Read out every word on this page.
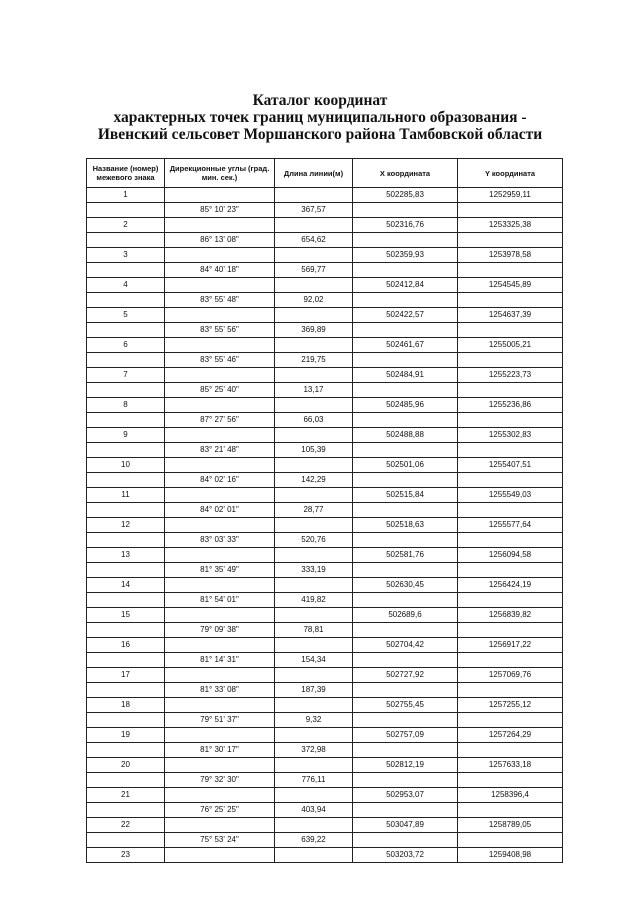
Каталог координат
характерных точек границ муниципального образования -
Ивенский сельсовет Моршанского района Тамбовской области
Название (номер) межевого знака	Дирекционные углы (град. мин. сек.)	Длина линии(м)	X координата	Y координата
1			502285,83	1252959,11
	85° 10' 23"	367,57		
2			502316,76	1253325,38
	86° 13' 08"	654,62		
3			502359,93	1253978,58
	84° 40' 18"	569,77		
4			502412,84	1254545,89
	83° 55' 48"	92,02		
5			502422,57	1254637,39
	83° 55' 56"	369,89		
6			502461,67	1255005,21
	83° 55' 46"	219,75		
7			502484,91	1255223,73
	85° 25' 40"	13,17		
8			502485,96	1255236,86
	87° 27' 56"	66,03		
9			502488,88	1255302,83
	83° 21' 48"	105,39		
10			502501,06	1255407,51
	84° 02' 16"	142,29		
11			502515,84	1255549,03
	84° 02' 01"	28,77		
12			502518,63	1255577,64
	83° 03' 33"	520,76		
13			502581,76	1256094,58
	81° 35' 49"	333,19		
14			502630,45	1256424,19
	81° 54' 01"	419,82		
15			502689,6	1256839,82
	79° 09' 38"	78,81		
16			502704,42	1256917,22
	81° 14' 31"	154,34		
17			502727,92	1257069,76
	81° 33' 08"	187,39		
18			502755,45	1257255,12
	79° 51' 37"	9,32		
19			502757,09	1257264,29
	81° 30' 17"	372,98		
20			502812,19	1257633,18
	79° 32' 30"	776,11		
21			502953,07	1258396,4
	76° 25' 25"	403,94		
22			503047,89	1258789,05
	75° 53' 24"	639,22		
23			503203,72	1259408,98
